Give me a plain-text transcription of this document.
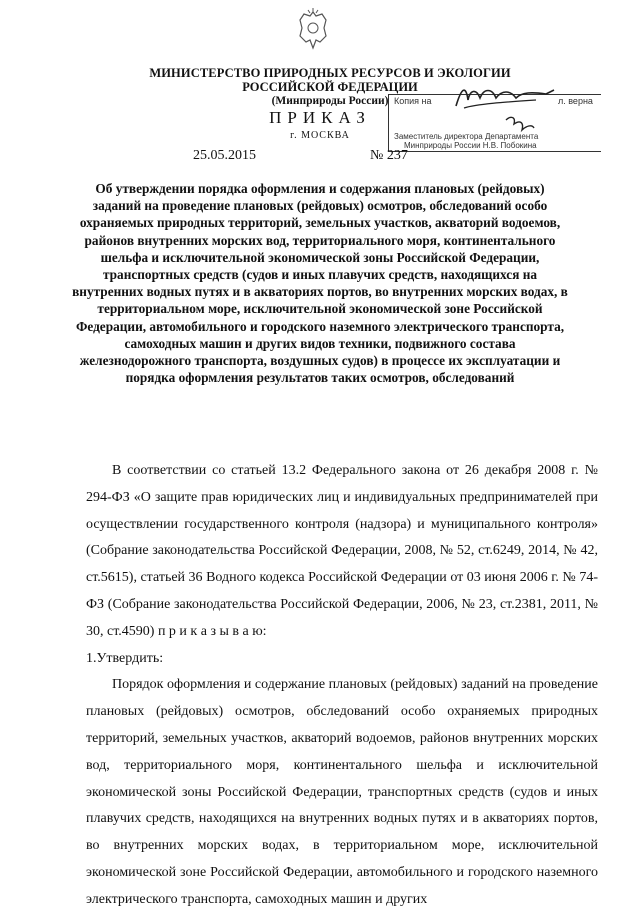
МИНИСТЕРСТВО ПРИРОДНЫХ РЕСУРСОВ И ЭКОЛОГИИ
РОССИЙСКОЙ ФЕДЕРАЦИИ
(Минприроды России) Копия на	л. верна
Заместитель директора Департамента
Минприроды России Н.В. Побокина
ПРИКАЗ
г. МОСКВА
25.05.2015	№ 237
Об утверждении порядка оформления и содержания плановых (рейдовых) заданий на проведение плановых (рейдовых) осмотров, обследований особо охраняемых природных территорий, земельных участков, акваторий водоемов, районов внутренних морских вод, территориального моря, континентального шельфа и исключительной экономической зоны Российской Федерации, транспортных средств (судов и иных плавучих средств, находящихся на внутренних водных путях и в акваториях портов, во внутренних морских водах, в территориальном море, исключительной экономической зоне Российской Федерации, автомобильного и городского наземного электрического транспорта, самоходных машин и других видов техники, подвижного состава железнодорожного транспорта, воздушных судов) в процессе их эксплуатации и порядка оформления результатов таких осмотров, обследований

В соответствии со статьей 13.2 Федерального закона от 26 декабря 2008 г. № 294-ФЗ «О защите прав юридических лиц и индивидуальных предпринимателей при осуществлении государственного контроля (надзора) и муниципального контроля» (Собрание законодательства Российской Федерации, 2008, № 52, ст.6249, 2014, № 42, ст.5615), статьей 36 Водного кодекса Российской Федерации от 03 июня 2006 г. № 74-ФЗ (Собрание законодательства Российской Федерации, 2006, № 23, ст.2381, 2011, № 30, ст.4590) п р и к а з ы в а ю:

1.Утвердить:

Порядок оформления и содержание плановых (рейдовых) заданий на проведение плановых (рейдовых) осмотров, обследований особо охраняемых природных территорий, земельных участков, акваторий водоемов, районов внутренних морских вод, территориального моря, континентального шельфа и исключительной экономической зоны Российской Федерации, транспортных средств (судов и иных плавучих средств, находящихся на внутренних водных путях и в акваториях портов, во внутренних морских водах, в территориальном море, исключительной экономической зоне Российской Федерации, автомобильного и городского наземного электрического транспорта, самоходных машин и других
